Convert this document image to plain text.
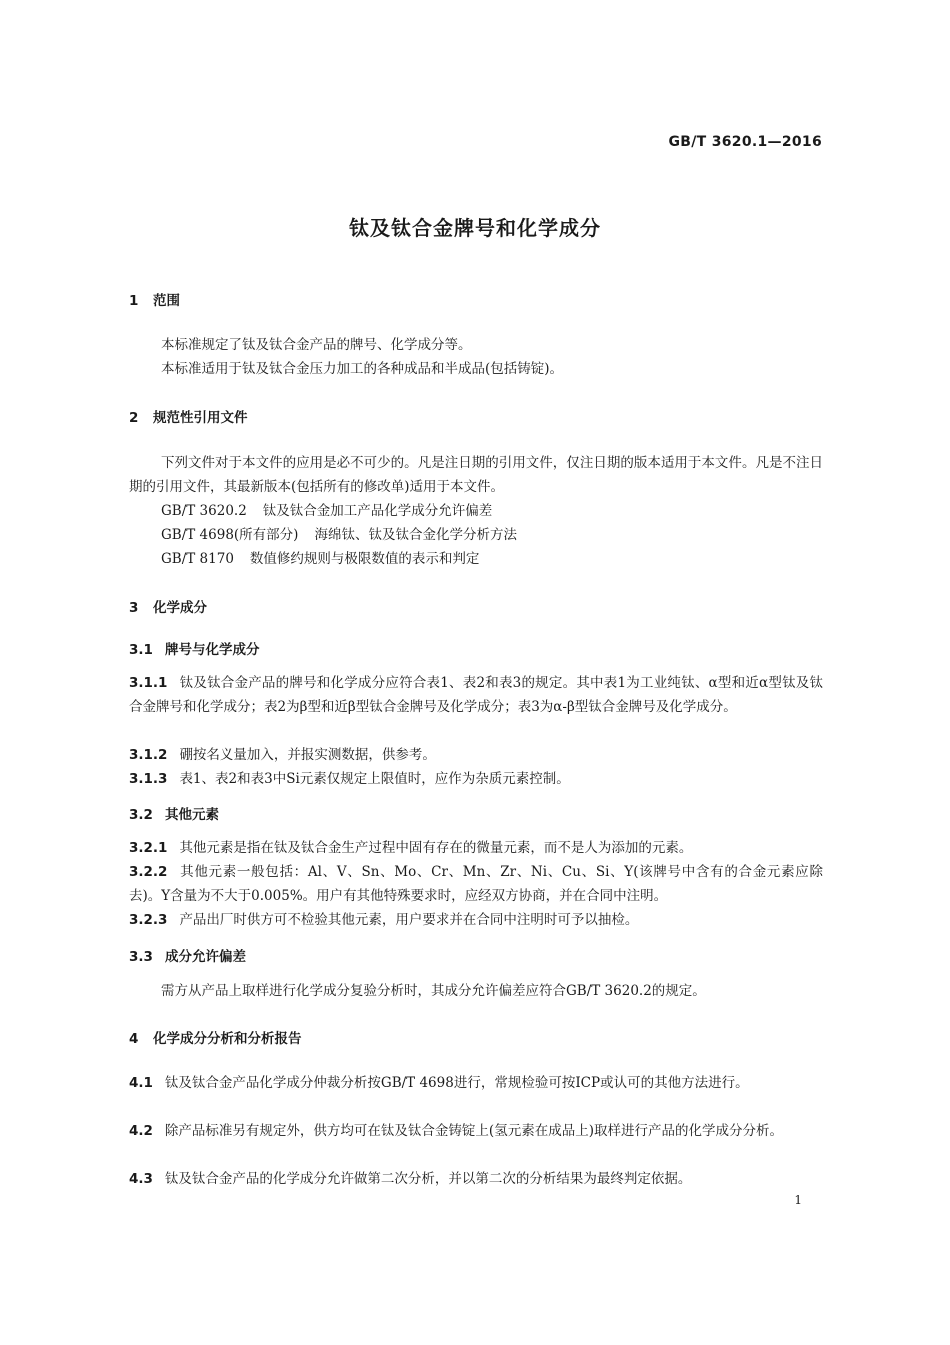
GB/T 3620.1—2016
钛及钛合金牌号和化学成分
1 范围
本标准规定了钛及钛合金产品的牌号、化学成分等。
本标准适用于钛及钛合金压力加工的各种成品和半成品(包括铸锭)。
2 规范性引用文件
下列文件对于本文件的应用是必不可少的。凡是注日期的引用文件，仅注日期的版本适用于本文件。凡是不注日期的引用文件，其最新版本(包括所有的修改单)适用于本文件。
GB/T 3620.2 钛及钛合金加工产品化学成分允许偏差
GB/T 4698(所有部分) 海绵钛、钛及钛合金化学分析方法
GB/T 8170 数值修约规则与极限数值的表示和判定
3 化学成分
3.1 牌号与化学成分
3.1.1 钛及钛合金产品的牌号和化学成分应符合表1、表2和表3的规定。其中表1为工业纯钛、α型和近α型钛及钛合金牌号和化学成分；表2为β型和近β型钛合金牌号及化学成分；表3为α-β型钛合金牌号及化学成分。
3.1.2 硼按名义量加入，并报实测数据，供参考。
3.1.3 表1、表2和表3中Si元素仅规定上限值时，应作为杂质元素控制。
3.2 其他元素
3.2.1 其他元素是指在钛及钛合金生产过程中固有存在的微量元素，而不是人为添加的元素。
3.2.2 其他元素一般包括：Al、V、Sn、Mo、Cr、Mn、Zr、Ni、Cu、Si、Y(该牌号中含有的合金元素应除去)。Y含量为不大于0.005%。用户有其他特殊要求时，应经双方协商，并在合同中注明。
3.2.3 产品出厂时供方可不检验其他元素，用户要求并在合同中注明时可予以抽检。
3.3 成分允许偏差
需方从产品上取样进行化学成分复验分析时，其成分允许偏差应符合GB/T 3620.2的规定。
4 化学成分分析和分析报告
4.1 钛及钛合金产品化学成分仲裁分析按GB/T 4698进行，常规检验可按ICP或认可的其他方法进行。
4.2 除产品标准另有规定外，供方均可在钛及钛合金铸锭上(氢元素在成品上)取样进行产品的化学成分分析。
4.3 钛及钛合金产品的化学成分允许做第二次分析，并以第二次的分析结果为最终判定依据。
1
